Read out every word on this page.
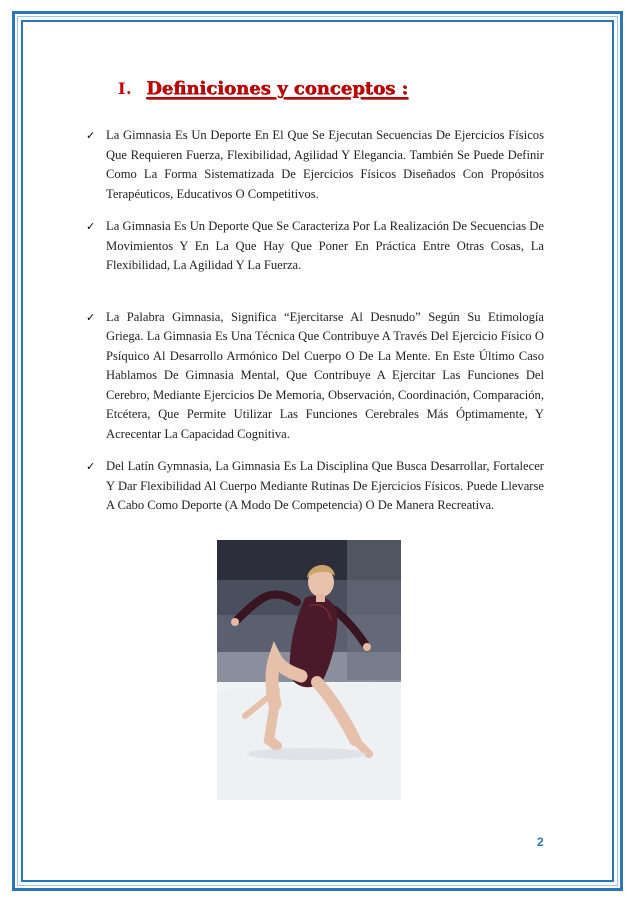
I. Definiciones y conceptos :
✓ La Gimnasia Es Un Deporte En El Que Se Ejecutan Secuencias De Ejercicios Físicos Que Requieren Fuerza, Flexibilidad, Agilidad Y Elegancia. También Se Puede Definir Como La Forma Sistematizada De Ejercicios Físicos Diseñados Con Propósitos Terapéuticos, Educativos O Competitivos.
✓ La Gimnasia Es Un Deporte Que Se Caracteriza Por La Realización De Secuencias De Movimientos Y En La Que Hay Que Poner En Práctica Entre Otras Cosas, La Flexibilidad, La Agilidad Y La Fuerza.
✓ La Palabra Gimnasia, Significa “Ejercitarse Al Desnudo” Según Su Etimología Griega. La Gimnasia Es Una Técnica Que Contribuye A Través Del Ejercicio Físico O Psíquico Al Desarrollo Armónico Del Cuerpo O De La Mente. En Este Último Caso Hablamos De Gimnasia Mental, Que Contribuye A Ejercitar Las Funciones Del Cerebro, Mediante Ejercicios De Memoria, Observación, Coordinación, Comparación, Etcétera, Que Permite Utilizar Las Funciones Cerebrales Más Óptimamente, Y Acrecentar La Capacidad Cognitiva.
✓ Del Latín Gymnasia, La Gimnasia Es La Disciplina Que Busca Desarrollar, Fortalecer Y Dar Flexibilidad Al Cuerpo Mediante Rutinas De Ejercicios Físicos. Puede Llevarse A Cabo Como Deporte (A Modo De Competencia) O De Manera Recreativa.
2
